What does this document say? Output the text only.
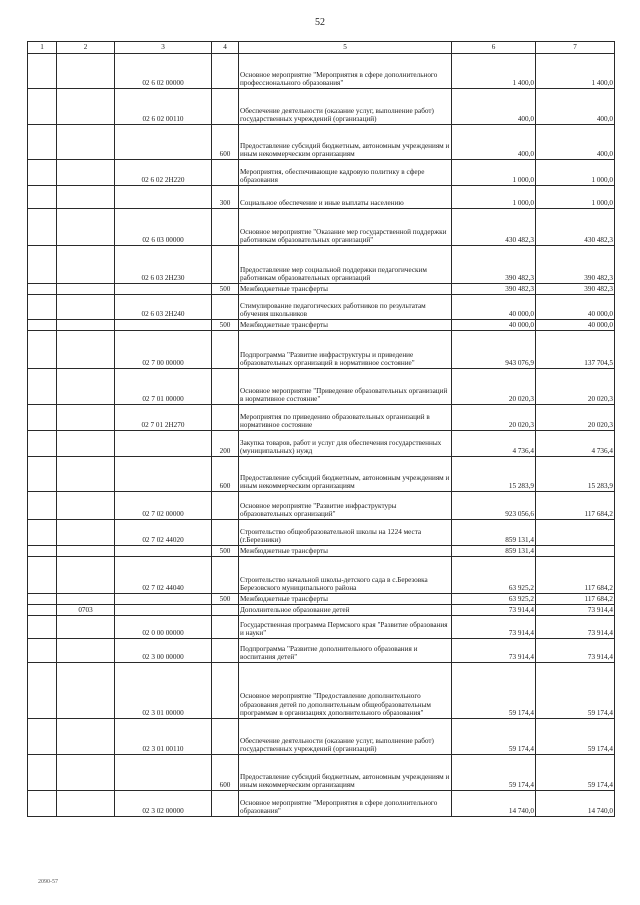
52
1	2	3	4	5	6	7
		02 6 02 00000		Основное мероприятие "Мероприятия в сфере дополнительного профессионального образования"	1 400,0	1 400,0
		02 6 02 00110		Обеспечение деятельности (оказание услуг, выполнение работ) государственных учреждений (организаций)	400,0	400,0
			600	Предоставление субсидий бюджетным, автономным учреждениям и иным некоммерческим организациям	400,0	400,0
		02 6 02 2Н220		Мероприятия, обеспечивающие кадровую политику в сфере образования	1 000,0	1 000,0
			300	Социальное обеспечение и иные выплаты населению	1 000,0	1 000,0
		02 6 03 00000		Основное мероприятие "Оказание мер государственной поддержки работникам образовательных организаций"	430 482,3	430 482,3
		02 6 03 2Н230		Предоставление мер социальной поддержки педагогическим работникам образовательных организаций	390 482,3	390 482,3
			500	Межбюджетные трансферты	390 482,3	390 482,3
		02 6 03 2Н240		Стимулирование педагогических работников по результатам обучения школьников	40 000,0	40 000,0
			500	Межбюджетные трансферты	40 000,0	40 000,0
		02 7 00 00000		Подпрограмма "Развитие инфраструктуры и приведение образовательных организаций в нормативное состояние"	943 076,9	137 704,5
		02 7 01 00000		Основное мероприятие "Приведение образовательных организаций в нормативное состояние"	20 020,3	20 020,3
		02 7 01 2Н270		Мероприятия по приведению образовательных организаций в нормативное состояние	20 020,3	20 020,3
			200	Закупка товаров, работ и услуг для обеспечения государственных (муниципальных) нужд	4 736,4	4 736,4
			600	Предоставление субсидий бюджетным, автономным учреждениям и иным некоммерческим организациям	15 283,9	15 283,9
		02 7 02 00000		Основное мероприятие "Развитие инфраструктуры образовательных организаций"	923 056,6	117 684,2
		02 7 02 44020		Строительство общеобразовательной школы на 1224 места (г.Березники)	859 131,4	
			500	Межбюджетные трансферты	859 131,4	
		02 7 02 44040		Строительство начальной школы-детского сада в с.Березовка Березовского муниципального района	63 925,2	117 684,2
			500	Межбюджетные трансферты	63 925,2	117 684,2
	0703			Дополнительное образование детей	73 914,4	73 914,4
		02 0 00 00000		Государственная программа Пермского края "Развитие образования и науки"	73 914,4	73 914,4
		02 3 00 00000		Подпрограмма "Развитие дополнительного образования и воспитания детей"	73 914,4	73 914,4
		02 3 01 00000		Основное мероприятие "Предоставление дополнительного образования детей по дополнительным общеобразовательным программам в организациях дополнительного образования"	59 174,4	59 174,4
		02 3 01 00110		Обеспечение деятельности (оказание услуг, выполнение работ) государственных учреждений (организаций)	59 174,4	59 174,4
			600	Предоставление субсидий бюджетным, автономным учреждениям и иным некоммерческим организациям	59 174,4	59 174,4
		02 3 02 00000		Основное мероприятие "Мероприятия в сфере дополнительного образования"	14 740,0	14 740,0
2090-57
